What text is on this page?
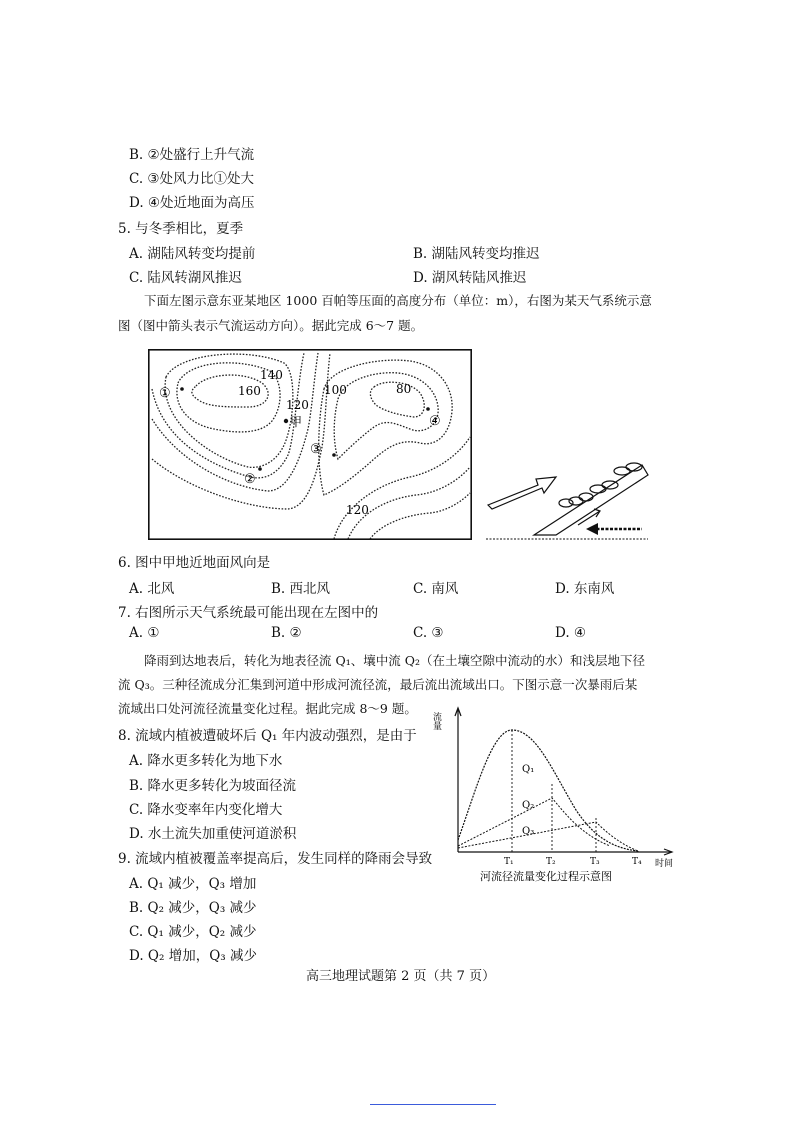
B. ②处盛行上升气流
C. ③处风力比①处大
D. ④处近地面为高压
5. 与冬季相比，夏季
A. 湖陆风转变均提前	B. 湖陆风转变均推迟
C. 陆风转湖风推迟	D. 湖风转陆风推迟
下面左图示意东亚某地区 1000 百帕等压面的高度分布（单位：m），右图为某天气系统示意
图（图中箭头表示气流运动方向）。据此完成 6～7 题。
140
160
120
100	80
120
①
②
③
④
甲
6. 图中甲地近地面风向是
A. 北风	B. 西北风	C. 南风	D. 东南风
7. 右图所示天气系统最可能出现在左图中的
A. ①	B. ②	C. ③	D. ④
降雨到达地表后，转化为地表径流 Q₁、壤中流 Q₂（在土壤空隙中流动的水）和浅层地下径
流 Q₃。三种径流成分汇集到河道中形成河流径流，最后流出流域出口。下图示意一次暴雨后某
流域出口处河流径流量变化过程。据此完成 8～9 题。
8. 流域内植被遭破坏后 Q₁ 年内波动强烈，是由于
A. 降水更多转化为地下水
B. 降水更多转化为坡面径流
C. 降水变率年内变化增大
D. 水土流失加重使河道淤积
9. 流域内植被覆盖率提高后，发生同样的降雨会导致
A. Q₁ 减少，Q₃ 增加
B. Q₂ 减少，Q₃ 减少
C. Q₁ 减少，Q₂ 减少
D. Q₂ 增加，Q₃ 减少
流量
时间
T₁	T₂	T₃	T₄
Q₁
Q₂
Q₃
河流径流量变化过程示意图
高三地理试题第 2 页（共 7 页）
